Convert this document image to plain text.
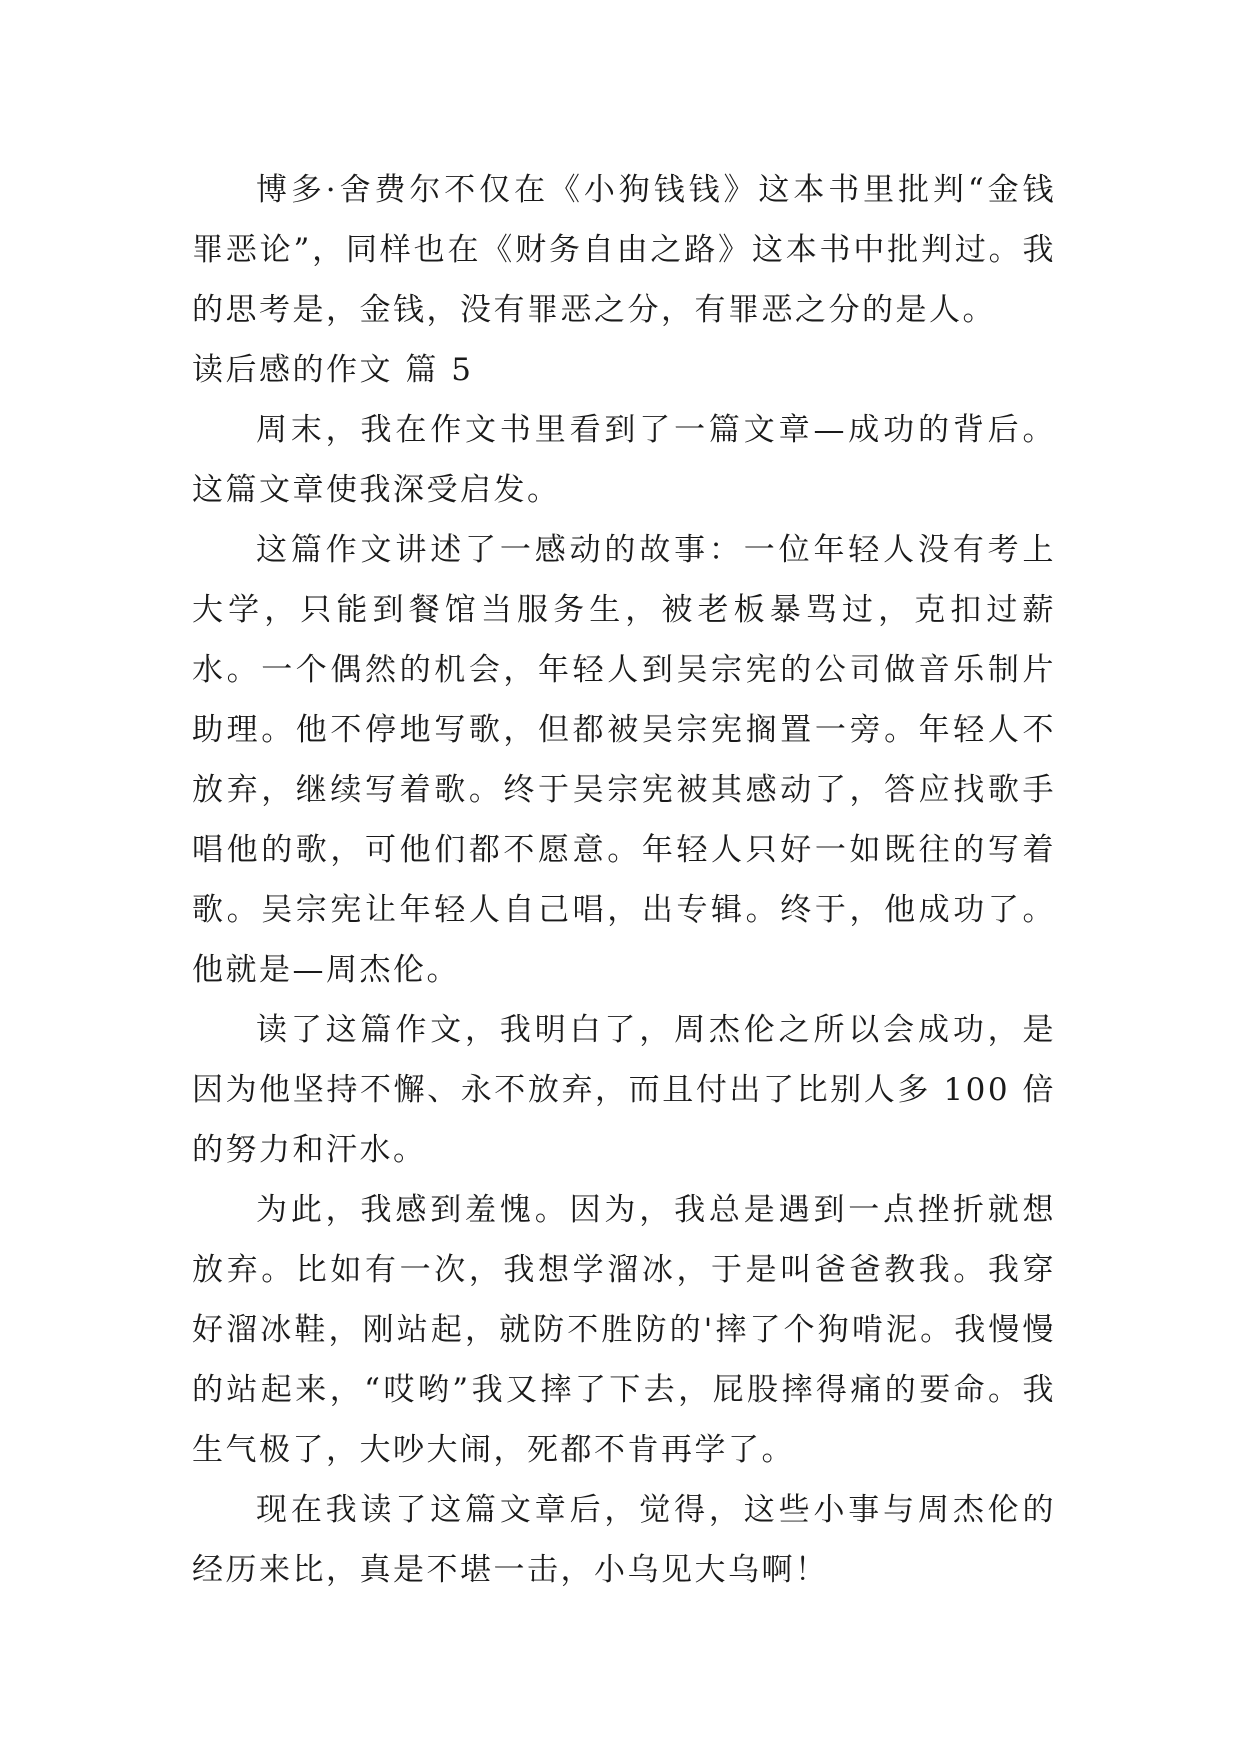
博多·舍费尔不仅在《小狗钱钱》这本书里批判“金钱罪恶论”，同样也在《财务自由之路》这本书中批判过。我的思考是，金钱，没有罪恶之分，有罪恶之分的是人。

读后感的作文 篇 5

周末，我在作文书里看到了一篇文章—成功的背后。这篇文章使我深受启发。

这篇作文讲述了一感动的故事：一位年轻人没有考上大学，只能到餐馆当服务生，被老板暴骂过，克扣过薪水。一个偶然的机会，年轻人到吴宗宪的公司做音乐制片助理。他不停地写歌，但都被吴宗宪搁置一旁。年轻人不放弃，继续写着歌。终于吴宗宪被其感动了，答应找歌手唱他的歌，可他们都不愿意。年轻人只好一如既往的写着歌。吴宗宪让年轻人自己唱，出专辑。终于，他成功了。他就是—周杰伦。

读了这篇作文，我明白了，周杰伦之所以会成功，是因为他坚持不懈、永不放弃，而且付出了比别人多 100 倍的努力和汗水。

为此，我感到羞愧。因为，我总是遇到一点挫折就想放弃。比如有一次，我想学溜冰，于是叫爸爸教我。我穿好溜冰鞋，刚站起，就防不胜防的'摔了个狗啃泥。我慢慢的站起来，“哎哟”我又摔了下去，屁股摔得痛的要命。我生气极了，大吵大闹，死都不肯再学了。

现在我读了这篇文章后，觉得，这些小事与周杰伦的经历来比，真是不堪一击，小乌见大乌啊！
